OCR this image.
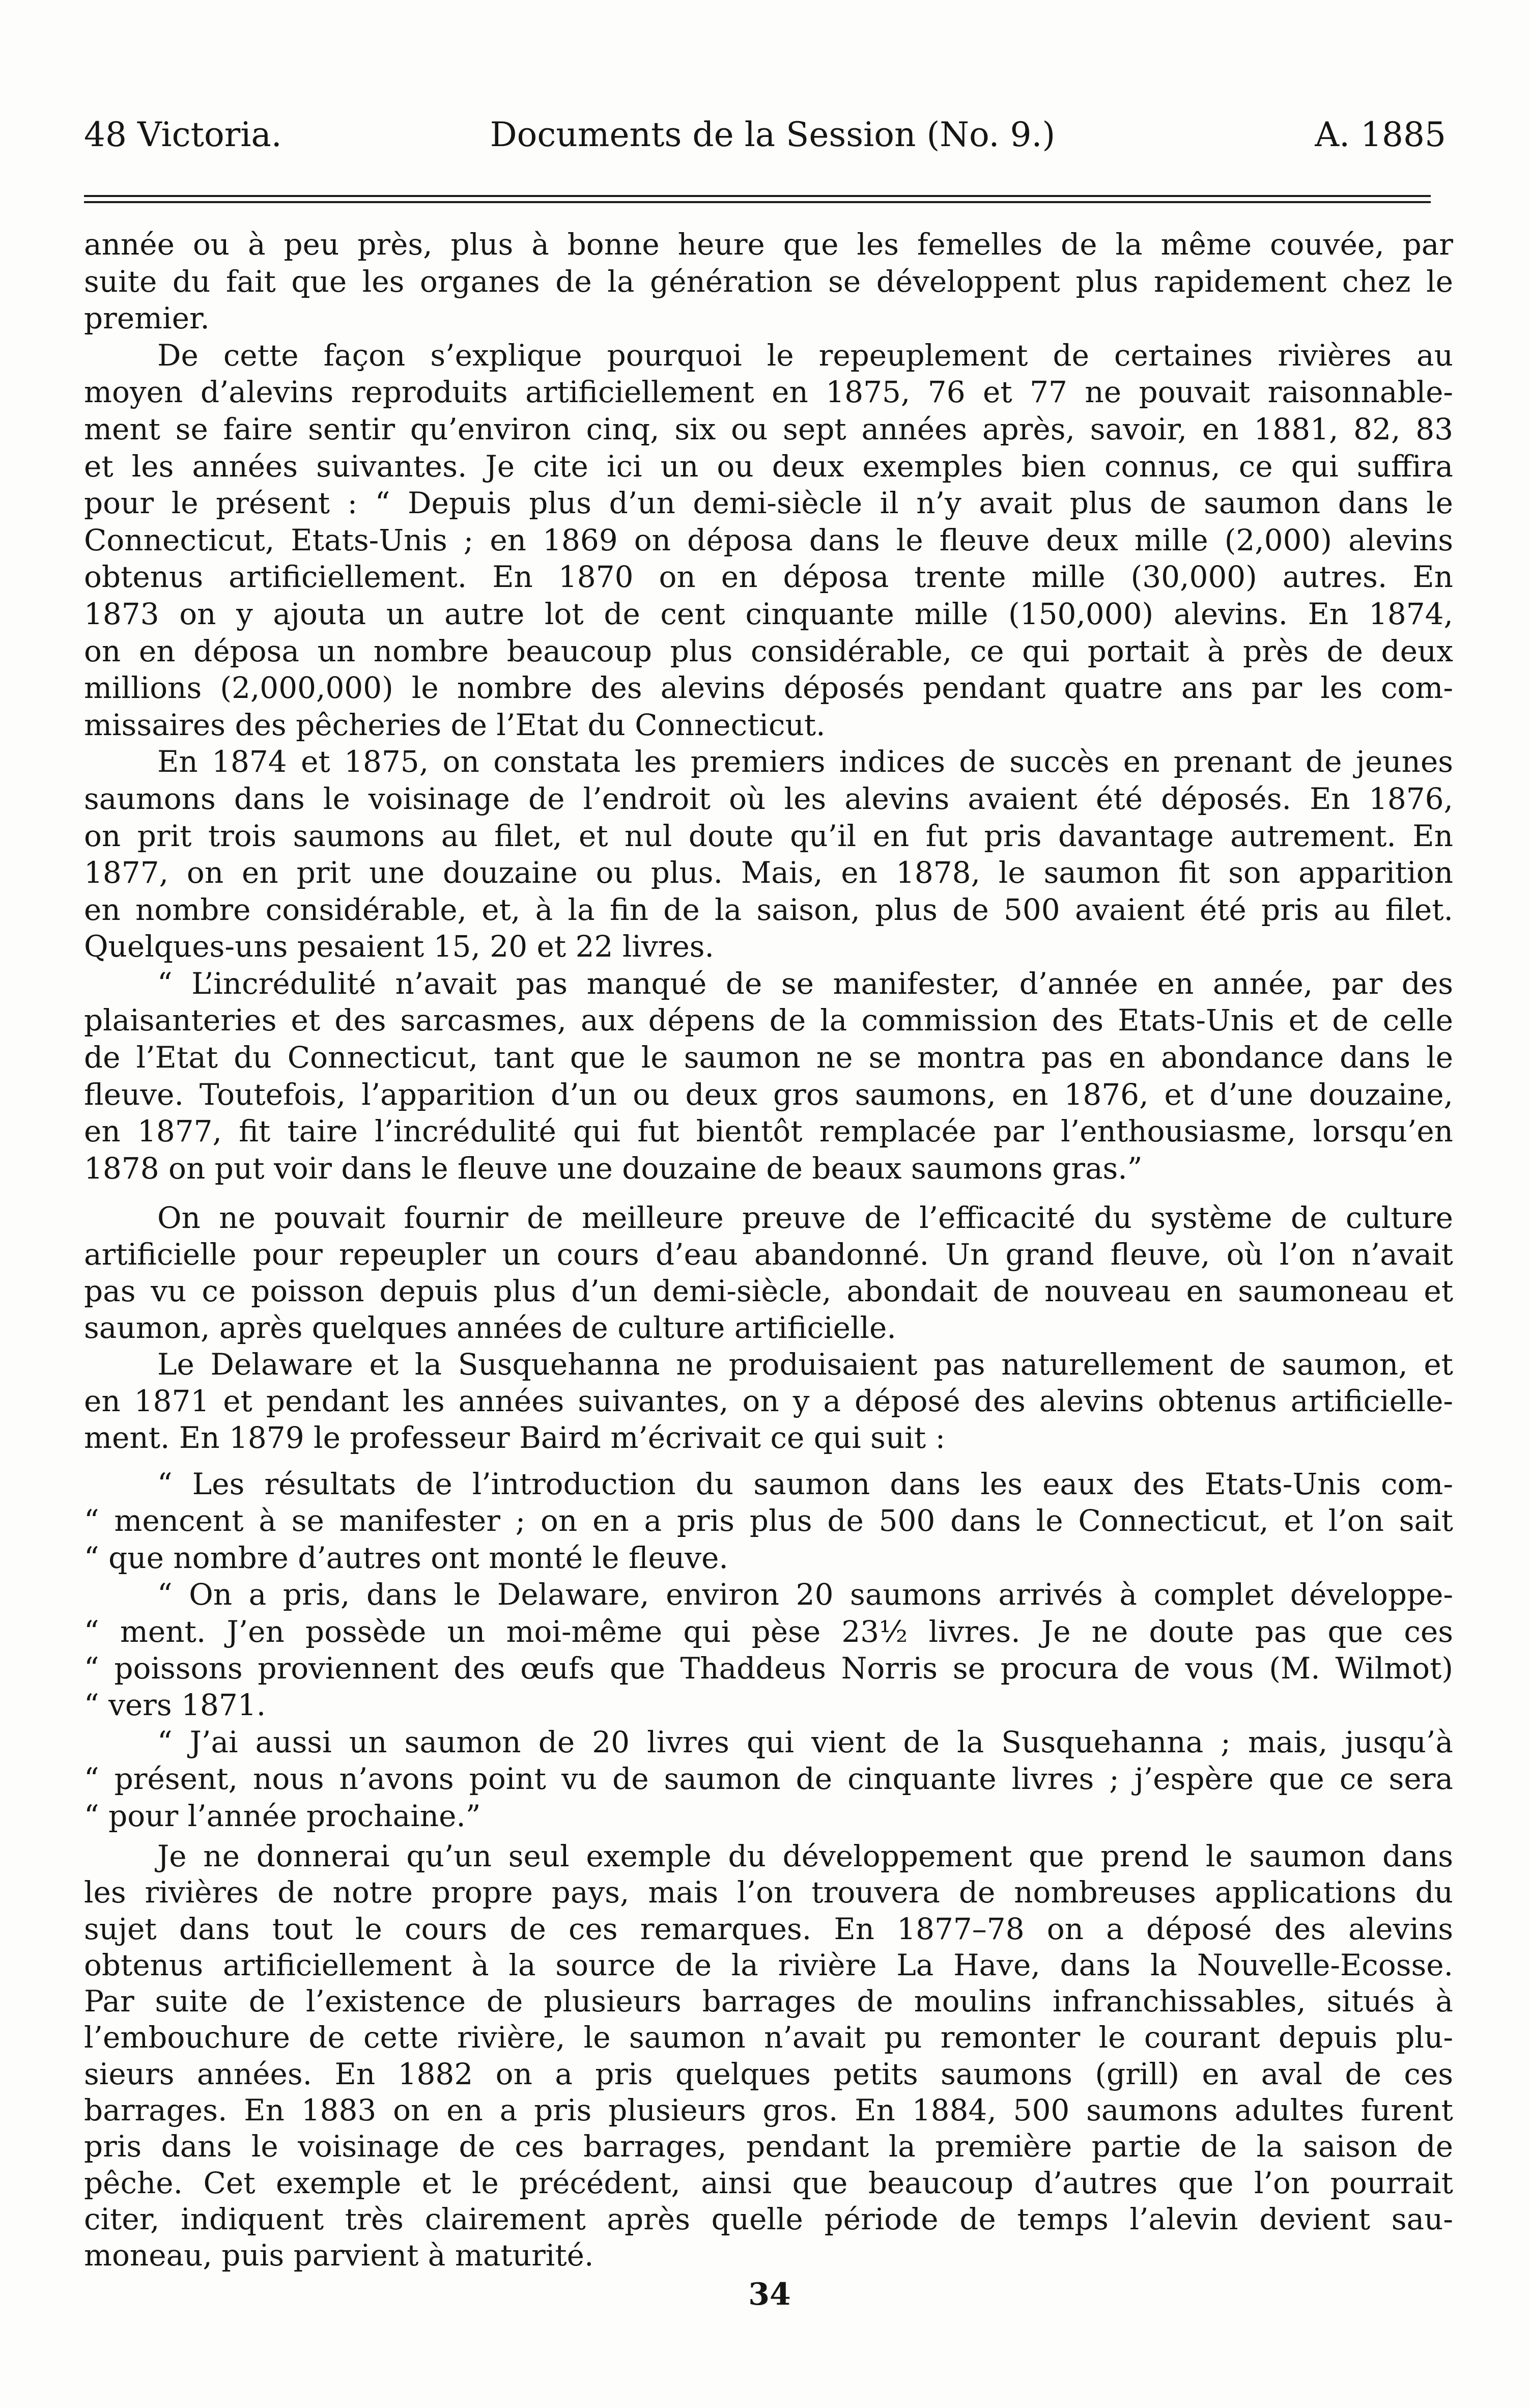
48 Victoria.	Documents de la Session (No. 9.)	A. 1885
année ou à peu près, plus à bonne heure que les femelles de la même couvée, par
suite du fait que les organes de la génération se développent plus rapidement chez le
premier.
De cette façon s’explique pourquoi le repeuplement de certaines rivières au
moyen d’alevins reproduits artificiellement en 1875, 76 et 77 ne pouvait raisonnable-
ment se faire sentir qu’environ cinq, six ou sept années après, savoir, en 1881, 82, 83
et les années suivantes. Je cite ici un ou deux exemples bien connus, ce qui suffira
pour le présent : “ Depuis plus d’un demi-siècle il n’y avait plus de saumon dans le
Connecticut, Etats-Unis ; en 1869 on déposa dans le fleuve deux mille (2,000) alevins
obtenus artificiellement. En 1870 on en déposa trente mille (30,000) autres. En
1873 on y ajouta un autre lot de cent cinquante mille (150,000) alevins. En 1874,
on en déposa un nombre beaucoup plus considérable, ce qui portait à près de deux
millions (2,000,000) le nombre des alevins déposés pendant quatre ans par les com-
missaires des pêcheries de l’Etat du Connecticut.
En 1874 et 1875, on constata les premiers indices de succès en prenant de jeunes
saumons dans le voisinage de l’endroit où les alevins avaient été déposés. En 1876,
on prit trois saumons au filet, et nul doute qu’il en fut pris davantage autrement. En
1877, on en prit une douzaine ou plus. Mais, en 1878, le saumon fit son apparition
en nombre considérable, et, à la fin de la saison, plus de 500 avaient été pris au filet.
Quelques-uns pesaient 15, 20 et 22 livres.
“ L’incrédulité n’avait pas manqué de se manifester, d’année en année, par des
plaisanteries et des sarcasmes, aux dépens de la commission des Etats-Unis et de celle
de l’Etat du Connecticut, tant que le saumon ne se montra pas en abondance dans le
fleuve. Toutefois, l’apparition d’un ou deux gros saumons, en 1876, et d’une douzaine,
en 1877, fit taire l’incrédulité qui fut bientôt remplacée par l’enthousiasme, lorsqu’en
1878 on put voir dans le fleuve une douzaine de beaux saumons gras.”
On ne pouvait fournir de meilleure preuve de l’efficacité du système de culture
artificielle pour repeupler un cours d’eau abandonné. Un grand fleuve, où l’on n’avait
pas vu ce poisson depuis plus d’un demi-siècle, abondait de nouveau en saumoneau et
saumon, après quelques années de culture artificielle.
Le Delaware et la Susquehanna ne produisaient pas naturellement de saumon, et
en 1871 et pendant les années suivantes, on y a déposé des alevins obtenus artificielle-
ment. En 1879 le professeur Baird m’écrivait ce qui suit :
“ Les résultats de l’introduction du saumon dans les eaux des Etats-Unis com-
“ mencent à se manifester ; on en a pris plus de 500 dans le Connecticut, et l’on sait
“ que nombre d’autres ont monté le fleuve.
“ On a pris, dans le Delaware, environ 20 saumons arrivés à complet développe-
“ ment. J’en possède un moi-même qui pèse 23½ livres. Je ne doute pas que ces
“ poissons proviennent des œufs que Thaddeus Norris se procura de vous (M. Wilmot)
“ vers 1871.
“ J’ai aussi un saumon de 20 livres qui vient de la Susquehanna ; mais, jusqu’à
“ présent, nous n’avons point vu de saumon de cinquante livres ; j’espère que ce sera
“ pour l’année prochaine.”
Je ne donnerai qu’un seul exemple du développement que prend le saumon dans
les rivières de notre propre pays, mais l’on trouvera de nombreuses applications du
sujet dans tout le cours de ces remarques. En 1877–78 on a déposé des alevins
obtenus artificiellement à la source de la rivière La Have, dans la Nouvelle-Ecosse.
Par suite de l’existence de plusieurs barrages de moulins infranchissables, situés à
l’embouchure de cette rivière, le saumon n’avait pu remonter le courant depuis plu-
sieurs années. En 1882 on a pris quelques petits saumons (grill) en aval de ces
barrages. En 1883 on en a pris plusieurs gros. En 1884, 500 saumons adultes furent
pris dans le voisinage de ces barrages, pendant la première partie de la saison de
pêche. Cet exemple et le précédent, ainsi que beaucoup d’autres que l’on pourrait
citer, indiquent très clairement après quelle période de temps l’alevin devient sau-
moneau, puis parvient à maturité.
34
